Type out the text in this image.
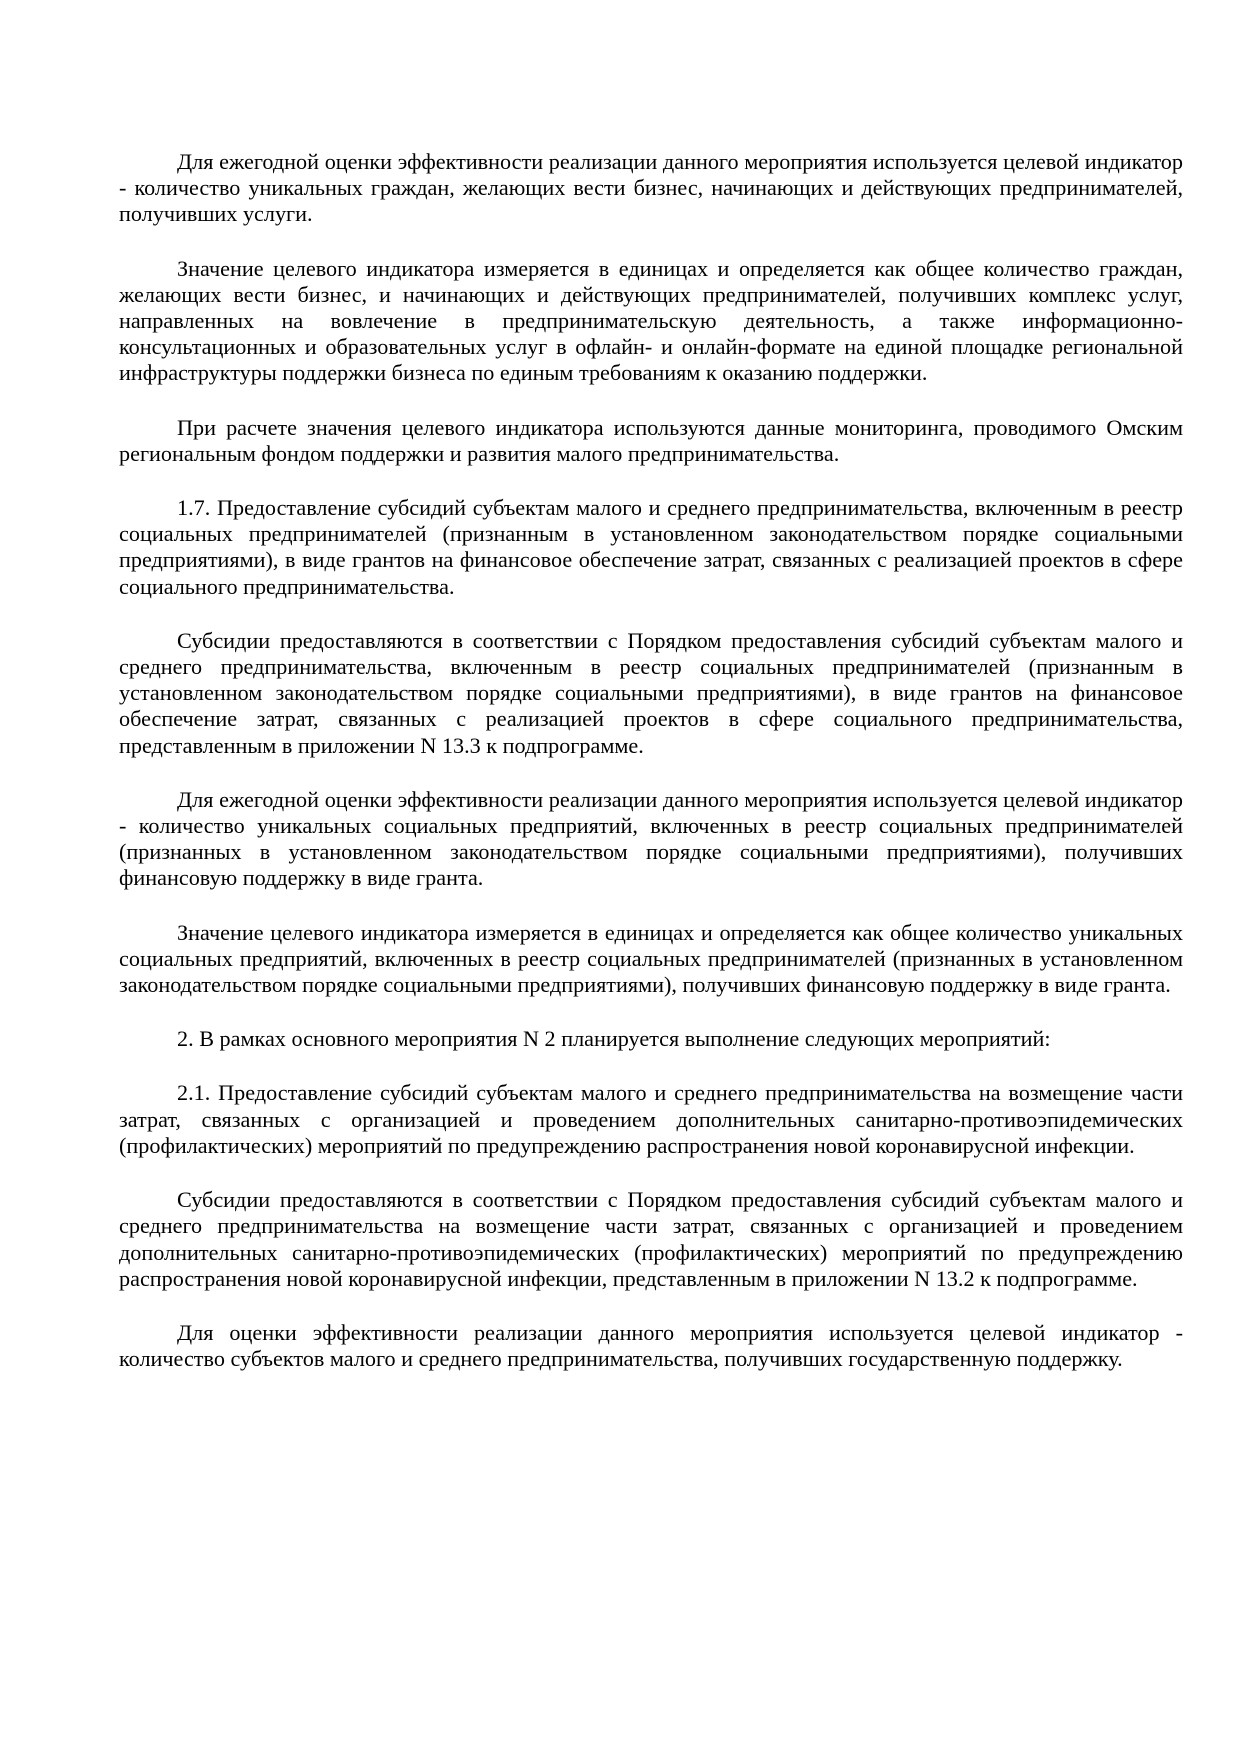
Для ежегодной оценки эффективности реализации данного мероприятия используется целевой индикатор - количество уникальных граждан, желающих вести бизнес, начинающих и действующих предпринимателей, получивших услуги.

Значение целевого индикатора измеряется в единицах и определяется как общее количество граждан, желающих вести бизнес, и начинающих и действующих предпринимателей, получивших комплекс услуг, направленных на вовлечение в предпринимательскую деятельность, а также информационно-консультационных и образовательных услуг в офлайн- и онлайн-формате на единой площадке региональной инфраструктуры поддержки бизнеса по единым требованиям к оказанию поддержки.

При расчете значения целевого индикатора используются данные мониторинга, проводимого Омским региональным фондом поддержки и развития малого предпринимательства.

1.7. Предоставление субсидий субъектам малого и среднего предпринимательства, включенным в реестр социальных предпринимателей (признанным в установленном законодательством порядке социальными предприятиями), в виде грантов на финансовое обеспечение затрат, связанных с реализацией проектов в сфере социального предпринимательства.

Субсидии предоставляются в соответствии с Порядком предоставления субсидий субъектам малого и среднего предпринимательства, включенным в реестр социальных предпринимателей (признанным в установленном законодательством порядке социальными предприятиями), в виде грантов на финансовое обеспечение затрат, связанных с реализацией проектов в сфере социального предпринимательства, представленным в приложении N 13.3 к подпрограмме.

Для ежегодной оценки эффективности реализации данного мероприятия используется целевой индикатор - количество уникальных социальных предприятий, включенных в реестр социальных предпринимателей (признанных в установленном законодательством порядке социальными предприятиями), получивших финансовую поддержку в виде гранта.

Значение целевого индикатора измеряется в единицах и определяется как общее количество уникальных социальных предприятий, включенных в реестр социальных предпринимателей (признанных в установленном законодательством порядке социальными предприятиями), получивших финансовую поддержку в виде гранта.

2. В рамках основного мероприятия N 2 планируется выполнение следующих мероприятий:

2.1. Предоставление субсидий субъектам малого и среднего предпринимательства на возмещение части затрат, связанных с организацией и проведением дополнительных санитарно-противоэпидемических (профилактических) мероприятий по предупреждению распространения новой коронавирусной инфекции.

Субсидии предоставляются в соответствии с Порядком предоставления субсидий субъектам малого и среднего предпринимательства на возмещение части затрат, связанных с организацией и проведением дополнительных санитарно-противоэпидемических (профилактических) мероприятий по предупреждению распространения новой коронавирусной инфекции, представленным в приложении N 13.2 к подпрограмме.

Для оценки эффективности реализации данного мероприятия используется целевой индикатор - количество субъектов малого и среднего предпринимательства, получивших государственную поддержку.
